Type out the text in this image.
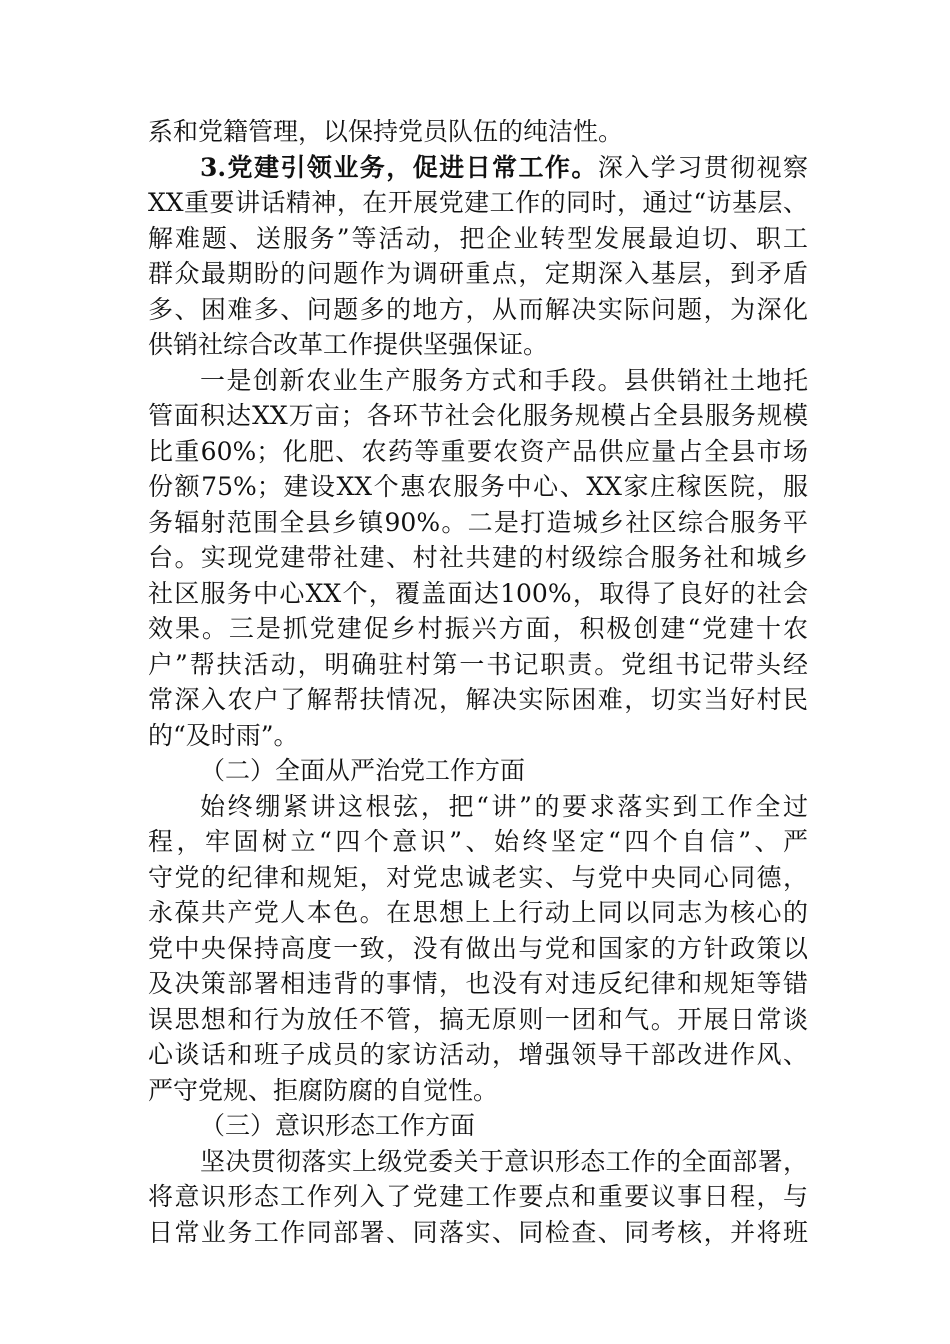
系和党籍管理，以保持党员队伍的纯洁性。
3.党建引领业务，促进日常工作。深入学习贯彻视察
XX重要讲话精神，在开展党建工作的同时，通过“访基层、
解难题、送服务”等活动，把企业转型发展最迫切、职工
群众最期盼的问题作为调研重点，定期深入基层，到矛盾
多、困难多、问题多的地方，从而解决实际问题，为深化
供销社综合改革工作提供坚强保证。
一是创新农业生产服务方式和手段。县供销社土地托
管面积达XX万亩；各环节社会化服务规模占全县服务规模
比重60%；化肥、农药等重要农资产品供应量占全县市场
份额75%；建设XX个惠农服务中心、XX家庄稼医院，服
务辐射范围全县乡镇90%。二是打造城乡社区综合服务平
台。实现党建带社建、村社共建的村级综合服务社和城乡
社区服务中心XX个，覆盖面达100%，取得了良好的社会
效果。三是抓党建促乡村振兴方面，积极创建“党建十农
户”帮扶活动，明确驻村第一书记职责。党组书记带头经
常深入农户了解帮扶情况，解决实际困难，切实当好村民
的“及时雨”。
（二）全面从严治党工作方面
始终绷紧讲这根弦，把“讲”的要求落实到工作全过
程，牢固树立“四个意识”、始终坚定“四个自信”、严
守党的纪律和规矩，对党忠诚老实、与党中央同心同德，
永葆共产党人本色。在思想上上行动上同以同志为核心的
党中央保持高度一致，没有做出与党和国家的方针政策以
及决策部署相违背的事情，也没有对违反纪律和规矩等错
误思想和行为放任不管，搞无原则一团和气。开展日常谈
心谈话和班子成员的家访活动，增强领导干部改进作风、
严守党规、拒腐防腐的自觉性。
（三）意识形态工作方面
坚决贯彻落实上级党委关于意识形态工作的全面部署，
将意识形态工作列入了党建工作要点和重要议事日程，与
日常业务工作同部署、同落实、同检查、同考核，并将班
